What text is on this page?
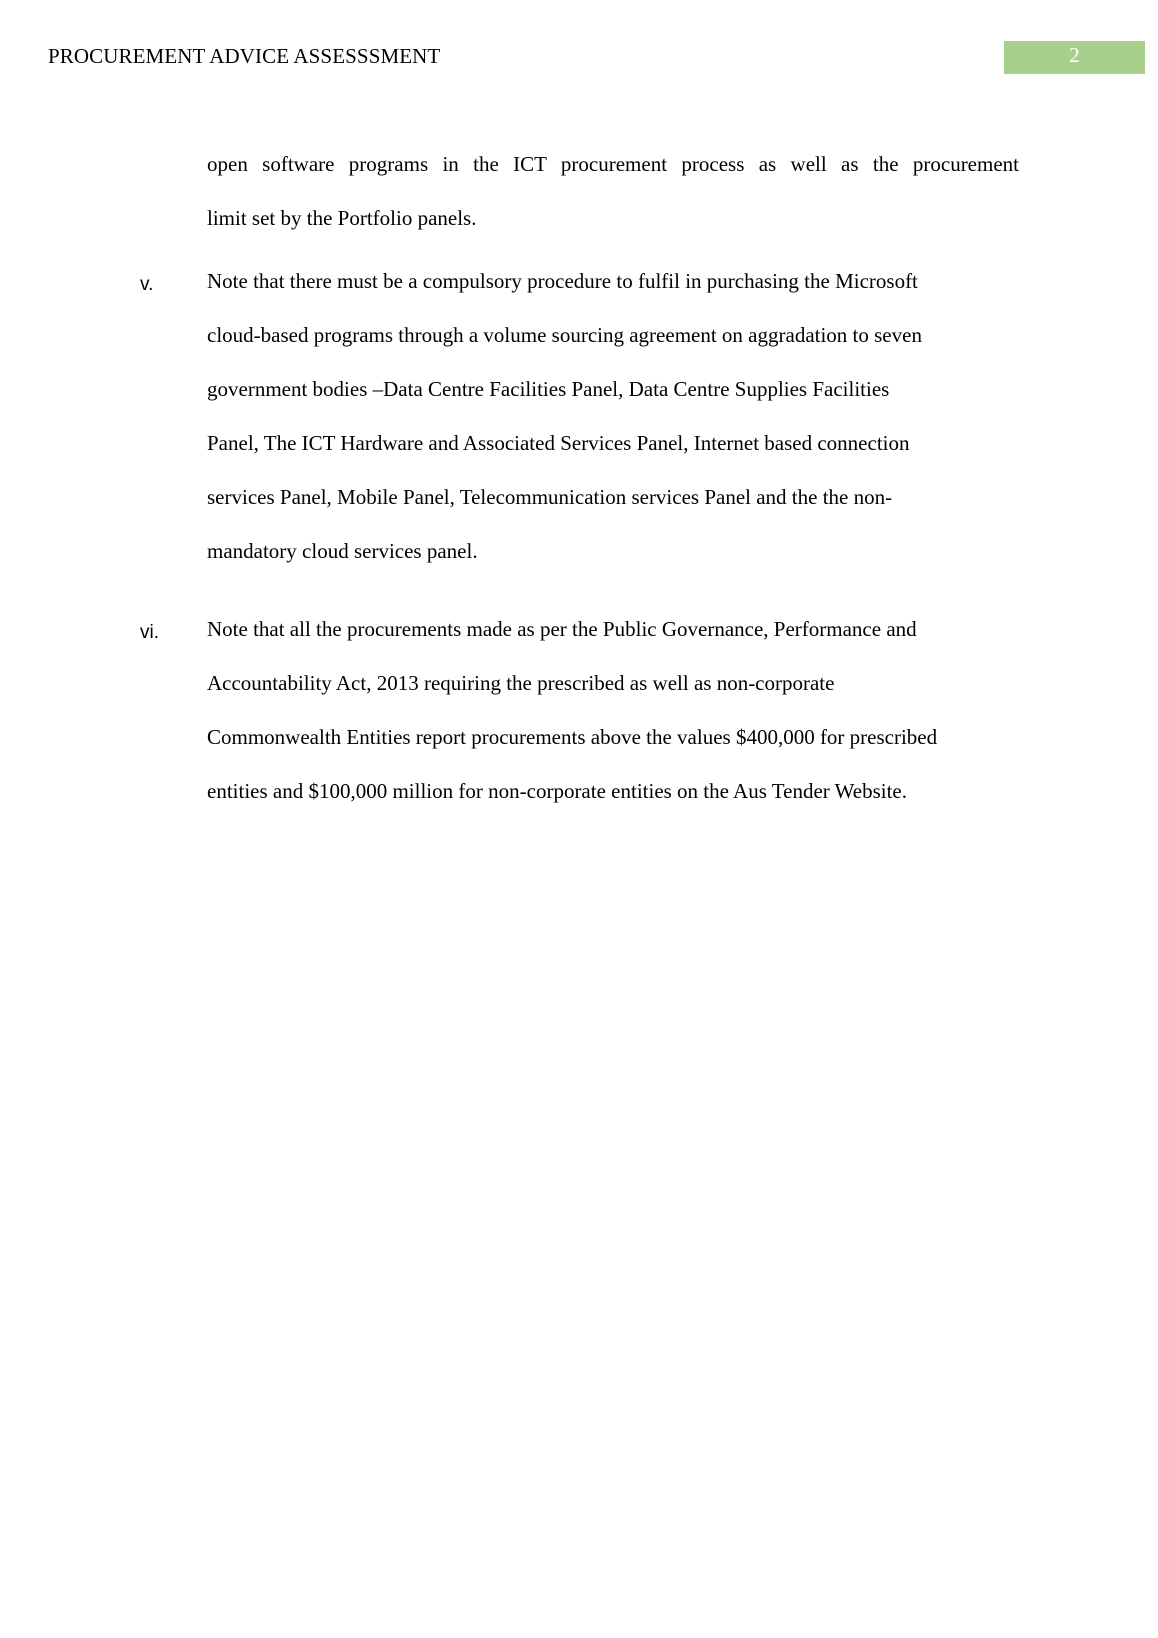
PROCUREMENT ADVICE ASSESSSMENT	2
open software programs in the ICT procurement process as well as the procurement
limit set by the Portfolio panels.
v.	Note that there must be a compulsory procedure to fulfil in purchasing the Microsoft
cloud-based programs through a volume sourcing agreement on aggradation to seven
government bodies –Data Centre Facilities Panel, Data Centre Supplies Facilities
Panel, The ICT Hardware and Associated Services Panel, Internet based connection
services Panel, Mobile Panel, Telecommunication services Panel and the the non-
mandatory cloud services panel.
vi. Note that all the procurements made as per the Public Governance, Performance and
Accountability Act, 2013 requiring the prescribed as well as non-corporate
Commonwealth Entities report procurements above the values $400,000 for prescribed
entities and $100,000 million for non-corporate entities on the Aus Tender Website.
